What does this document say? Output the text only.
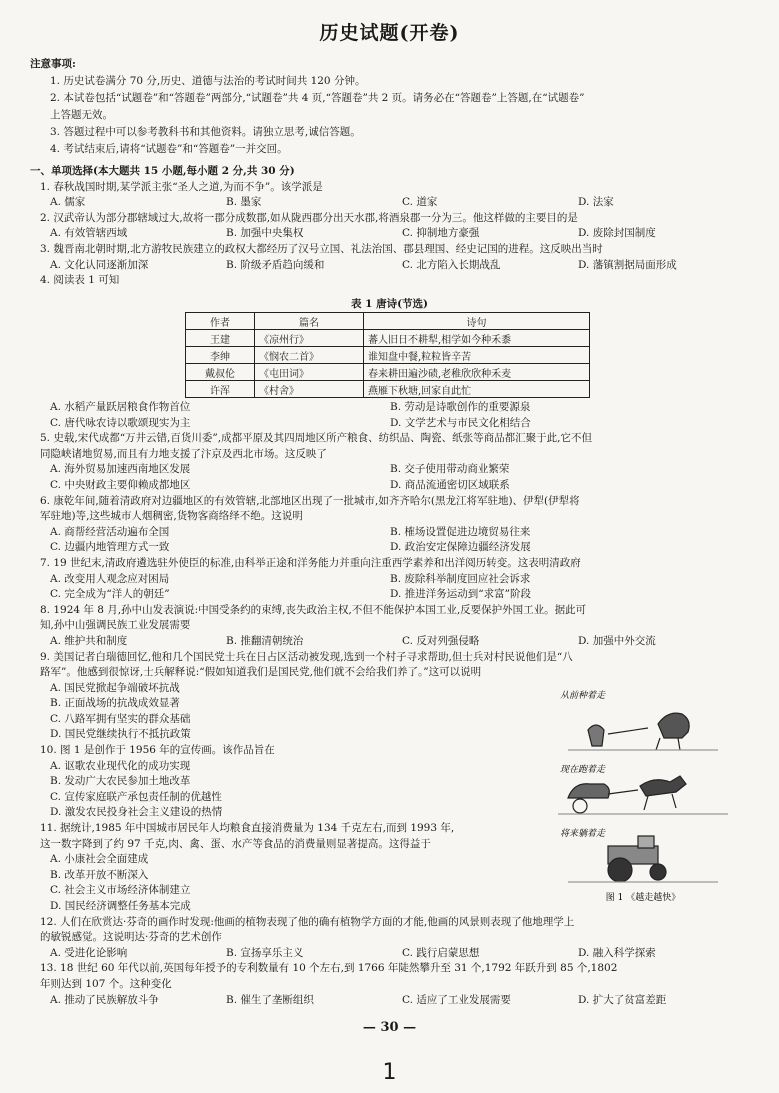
历史试题(开卷)
注意事项:
1. 历史试卷满分 70 分,历史、道德与法治的考试时间共 120 分钟。
2. 本试卷包括“试题卷”和“答题卷”两部分,“试题卷”共 4 页,“答题卷”共 2 页。请务必在“答题卷”上答题,在“试题卷”
上答题无效。
3. 答题过程中可以参考教科书和其他资料。请独立思考,诚信答题。
4. 考试结束后,请将“试题卷”和“答题卷”一并交回。
一、单项选择(本大题共 15 小题,每小题 2 分,共 30 分)
1. 春秋战国时期,某学派主张“圣人之道,为而不争”。该学派是
A. 儒家	B. 墨家	C. 道家	D. 法家
2. 汉武帝认为部分郡辖域过大,故将一郡分成数郡,如从陇西郡分出天水郡,将酒泉郡一分为三。他这样做的主要目的是
A. 有效管辖西域	B. 加强中央集权	C. 抑制地方豪强	D. 废除封国制度
3. 魏晋南北朝时期,北方游牧民族建立的政权大都经历了汉号立国、礼法治国、郡县理国、经史记国的进程。这反映出当时
A. 文化认同逐渐加深	B. 阶级矛盾趋向缓和	C. 北方陷入长期战乱	D. 藩镇割据局面形成
4. 阅读表 1 可知
表 1 唐诗(节选)
作者	篇名	诗句
王建	《凉州行》	蕃人旧日不耕犁,相学如今种禾黍
李绅	《悯农二首》	谁知盘中餐,粒粒皆辛苦
戴叔伦	《屯田词》	春来耕田遍沙碛,老稚欣欣种禾麦
许浑	《村舍》	燕雁下秋塘,回家自此忙
A. 水稻产量跃居粮食作物首位	B. 劳动是诗歌创作的重要源泉
C. 唐代咏农诗以歌颂现实为主	D. 文学艺术与市民文化相结合
5. 史载,宋代成都“万井云错,百货川委”,成都平原及其四周地区所产粮食、纺织品、陶瓷、纸张等商品都汇聚于此,它不但
同隐峡诸地贸易,而且有力地支援了汴京及西北市场。这反映了
A. 海外贸易加速西南地区发展	B. 交子使用带动商业繁荣
C. 中央财政主要仰赖成都地区	D. 商品流通密切区域联系
6. 康乾年间,随着清政府对边疆地区的有效管辖,北部地区出现了一批城市,如齐齐哈尔(黑龙江将军驻地)、伊犁(伊犁将
军驻地)等,这些城市人烟稠密,货物客商络绎不绝。这说明
A. 商帮经营活动遍布全国	B. 榷场设置促进边境贸易往来
C. 边疆内地管理方式一致	D. 政治安定保障边疆经济发展
7. 19 世纪末,清政府遴选驻外使臣的标准,由科举正途和洋务能力并重向注重西学素养和出洋阅历转变。这表明清政府
A. 改变用人观念应对困局	B. 废除科举制度回应社会诉求
C. 完全成为“洋人的朝廷”	D. 推进洋务运动到“求富”阶段
8. 1924 年 8 月,孙中山发表演说:中国受条约的束缚,丧失政治主权,不但不能保护本国工业,反要保护外国工业。据此可
知,孙中山强调民族工业发展需要
A. 维护共和制度	B. 推翻清朝统治	C. 反对列强侵略	D. 加强中外交流
9. 美国记者白瑞德回忆,他和几个国民党士兵在日占区活动被发现,选到一个村子寻求帮助,但士兵对村民说他们是“八
路军”。他感到很惊讶,士兵解释说:“假如知道我们是国民党,他们就不会给我们养了。”这可以说明
A. 国民党掀起争端破坏抗战
B. 正面战场的抗战成效显著
C. 八路军拥有坚实的群众基础
D. 国民党继续执行不抵抗政策
10. 图 1 是创作于 1956 年的宣传画。该作品旨在
A. 讴歌农业现代化的成功实现
B. 发动广大农民参加土地改革
C. 宣传家庭联产承包责任制的优越性
D. 激发农民投身社会主义建设的热情
11. 据统计,1985 年中国城市居民年人均粮食直接消费量为 134 千克左右,而到 1993 年,
这一数字降到了约 97 千克,肉、禽、蛋、水产等食品的消费量则显著提高。这得益于
A. 小康社会全面建成
B. 改革开放不断深入
C. 社会主义市场经济体制建立
D. 国民经济调整任务基本完成
12. 人们在欣赏达·芬奇的画作时发现:他画的植物表现了他的确有植物学方面的才能,他画的风景则表现了他地理学上
的敏锐感觉。这说明达·芬奇的艺术创作
A. 受进化论影响	B. 宣扬享乐主义	C. 践行启蒙思想	D. 融入科学探索
13. 18 世纪 60 年代以前,英国每年授予的专利数量有 10 个左右,到 1766 年陡然攀升至 31 个,1792 年跃升到 85 个,1802
年则达到 107 个。这种变化
A. 推动了民族解放斗争	B. 催生了垄断组织	C. 适应了工业发展需要	D. 扩大了贫富差距
从前种着走
现在跑着走
将来躺着走
图 1 《越走越快》
— 30 —
1
